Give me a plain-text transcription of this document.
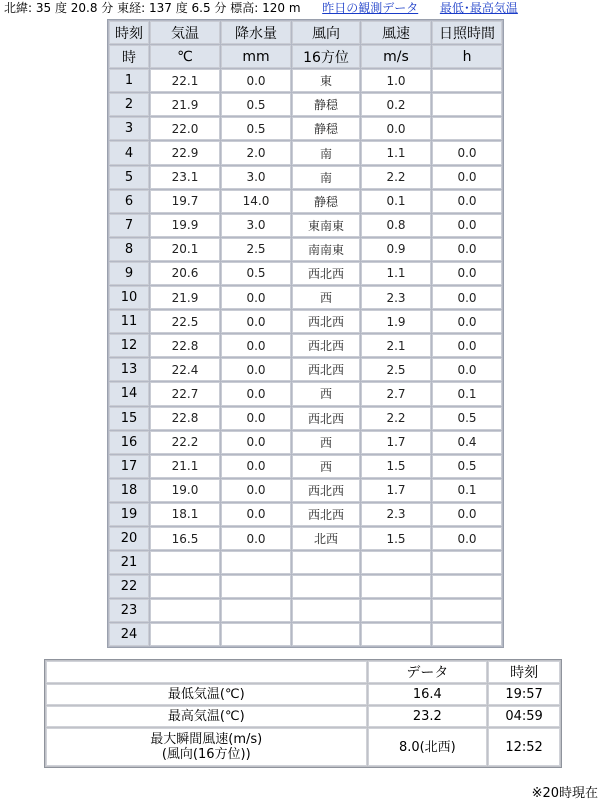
北緯: 35 度 20.8 分 東経: 137 度 6.5 分 標高: 120 m 昨日の観測データ 最低･最高気温
時刻	気温	降水量	風向	風速	日照時間
時	℃	mm	16方位	m/s	h
1	22.1	0.0	東	1.0	
2	21.9	0.5	静穏	0.2	
3	22.0	0.5	静穏	0.0	
4	22.9	2.0	南	1.1	0.0
5	23.1	3.0	南	2.2	0.0
6	19.7	14.0	静穏	0.1	0.0
7	19.9	3.0	東南東	0.8	0.0
8	20.1	2.5	南南東	0.9	0.0
9	20.6	0.5	西北西	1.1	0.0
10	21.9	0.0	西	2.3	0.0
11	22.5	0.0	西北西	1.9	0.0
12	22.8	0.0	西北西	2.1	0.0
13	22.4	0.0	西北西	2.5	0.0
14	22.7	0.0	西	2.7	0.1
15	22.8	0.0	西北西	2.2	0.5
16	22.2	0.0	西	1.7	0.4
17	21.1	0.0	西	1.5	0.5
18	19.0	0.0	西北西	1.7	0.1
19	18.1	0.0	西北西	2.3	0.0
20	16.5	0.0	北西	1.5	0.0
21					
22					
23					
24					
	データ	時刻
最低気温(℃)	16.4	19:57
最高気温(℃)	23.2	04:59
最大瞬間風速(m/s)
(風向(16方位))	8.0(北西)	12:52
※20時現在
